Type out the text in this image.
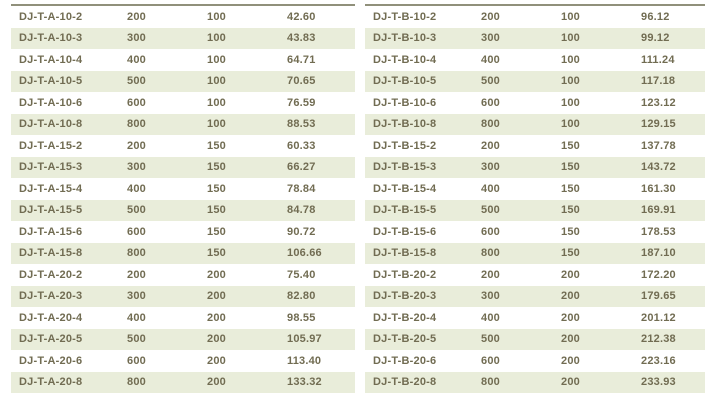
DJ-T-A-10-2	200	100	42.60
DJ-T-A-10-3	300	100	43.83
DJ-T-A-10-4	400	100	64.71
DJ-T-A-10-5	500	100	70.65
DJ-T-A-10-6	600	100	76.59
DJ-T-A-10-8	800	100	88.53
DJ-T-A-15-2	200	150	60.33
DJ-T-A-15-3	300	150	66.27
DJ-T-A-15-4	400	150	78.84
DJ-T-A-15-5	500	150	84.78
DJ-T-A-15-6	600	150	90.72
DJ-T-A-15-8	800	150	106.66
DJ-T-A-20-2	200	200	75.40
DJ-T-A-20-3	300	200	82.80
DJ-T-A-20-4	400	200	98.55
DJ-T-A-20-5	500	200	105.97
DJ-T-A-20-6	600	200	113.40
DJ-T-A-20-8	800	200	133.32
DJ-T-B-10-2	200	100	96.12
DJ-T-B-10-3	300	100	99.12
DJ-T-B-10-4	400	100	111.24
DJ-T-B-10-5	500	100	117.18
DJ-T-B-10-6	600	100	123.12
DJ-T-B-10-8	800	100	129.15
DJ-T-B-15-2	200	150	137.78
DJ-T-B-15-3	300	150	143.72
DJ-T-B-15-4	400	150	161.30
DJ-T-B-15-5	500	150	169.91
DJ-T-B-15-6	600	150	178.53
DJ-T-B-15-8	800	150	187.10
DJ-T-B-20-2	200	200	172.20
DJ-T-B-20-3	300	200	179.65
DJ-T-B-20-4	400	200	201.12
DJ-T-B-20-5	500	200	212.38
DJ-T-B-20-6	600	200	223.16
DJ-T-B-20-8	800	200	233.93
